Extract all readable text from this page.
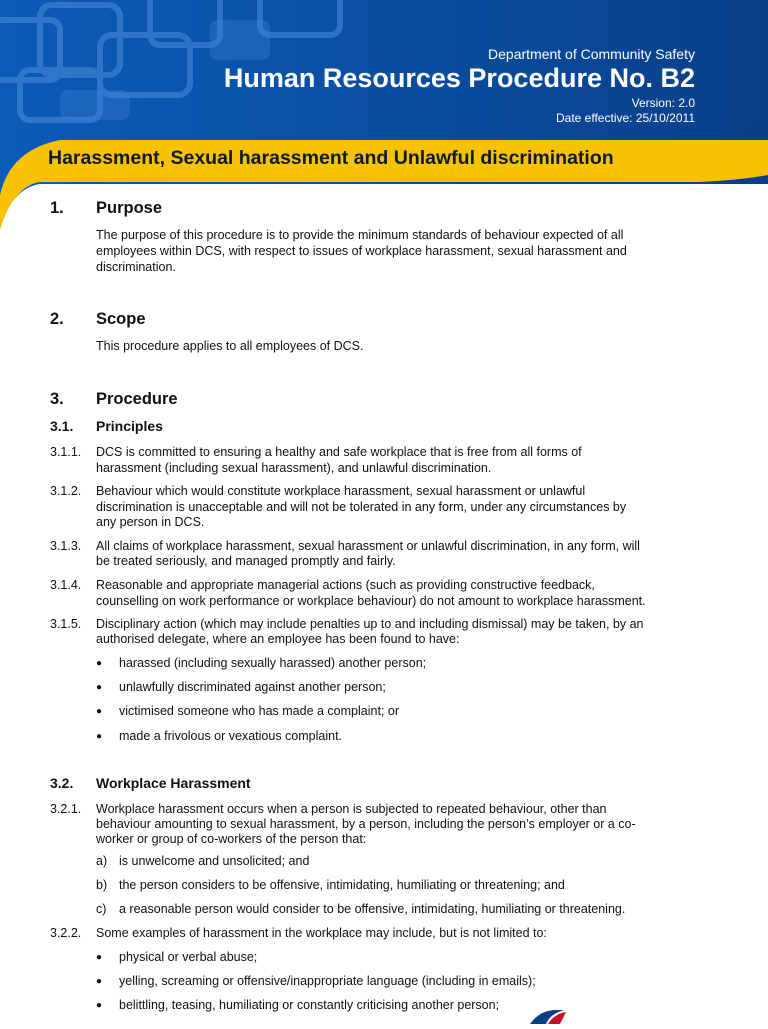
Department of Community Safety
Human Resources Procedure No. B2
Version: 2.0
Date effective: 25/10/2011
Harassment, Sexual harassment and Unlawful discrimination
1. Purpose
The purpose of this procedure is to provide the minimum standards of behaviour expected of all
employees within DCS, with respect to issues of workplace harassment, sexual harassment and
discrimination.
2. Scope
This procedure applies to all employees of DCS.
3. Procedure
3.1. Principles
3.1.1. DCS is committed to ensuring a healthy and safe workplace that is free from all forms of
harassment (including sexual harassment), and unlawful discrimination.
3.1.2. Behaviour which would constitute workplace harassment, sexual harassment or unlawful
discrimination is unacceptable and will not be tolerated in any form, under any circumstances by
any person in DCS.
3.1.3. All claims of workplace harassment, sexual harassment or unlawful discrimination, in any form, will
be treated seriously, and managed promptly and fairly.
3.1.4. Reasonable and appropriate managerial actions (such as providing constructive feedback,
counselling on work performance or workplace behaviour) do not amount to workplace harassment.
3.1.5. Disciplinary action (which may include penalties up to and including dismissal) may be taken, by an
authorised delegate, where an employee has been found to have:
● harassed (including sexually harassed) another person;
● unlawfully discriminated against another person;
● victimised someone who has made a complaint; or
● made a frivolous or vexatious complaint.
3.2. Workplace Harassment
3.2.1. Workplace harassment occurs when a person is subjected to repeated behaviour, other than
behaviour amounting to sexual harassment, by a person, including the person’s employer or a co-
worker or group of co-workers of the person that:
a) is unwelcome and unsolicited; and
b) the person considers to be offensive, intimidating, humiliating or threatening; and
c) a reasonable person would consider to be offensive, intimidating, humiliating or threatening.
3.2.2. Some examples of harassment in the workplace may include, but is not limited to:
● physical or verbal abuse;
● yelling, screaming or offensive/inappropriate language (including in emails);
● belittling, teasing, humiliating or constantly criticising another person;
